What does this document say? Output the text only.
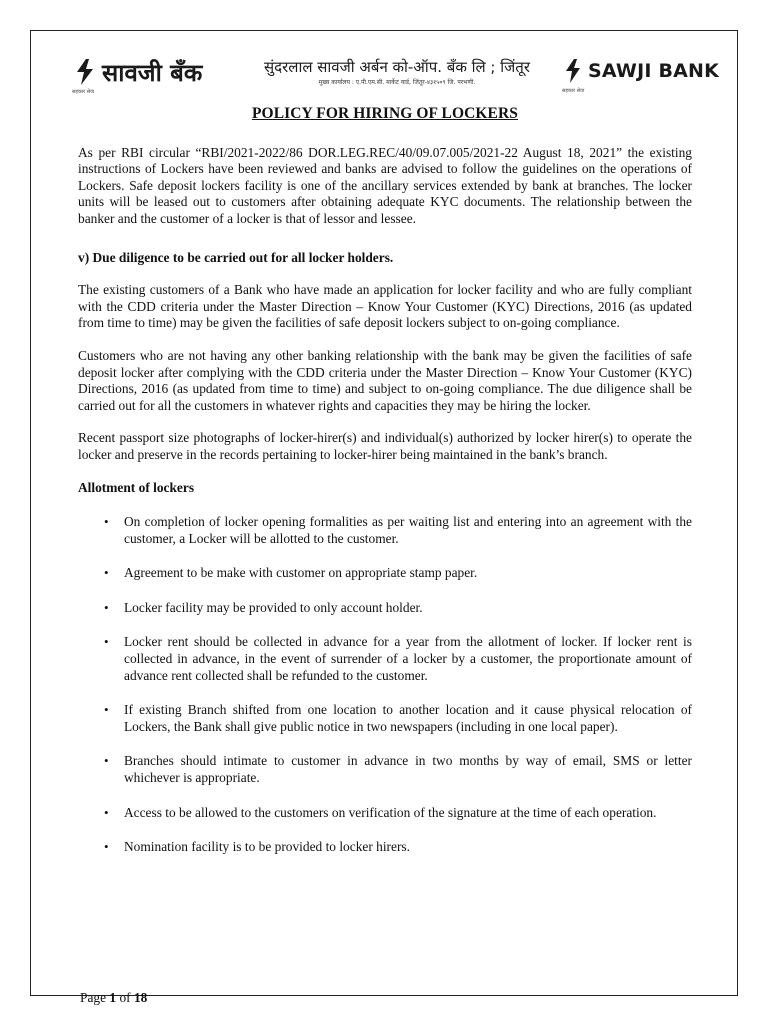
सावजी बँक
सहकार सेवा
सुंदरलाल सावजी अर्बन को-ऑप. बँक लि ; जिंतूर
मुख्य कार्यालय : ए.पी.एम.सी. मार्केट यार्ड, जिंतूर-४३१५०९ जि. परभणी.
SAWJI BANK
सहकार सेवा
POLICY FOR HIRING OF LOCKERS

As per RBI circular “RBI/2021-2022/86 DOR.LEG.REC/40/09.07.005/2021-22 August 18, 2021” the existing instructions of Lockers have been reviewed and banks are advised to follow the guidelines on the operations of Lockers. Safe deposit lockers facility is one of the ancillary services extended by bank at branches. The locker units will be leased out to customers after obtaining adequate KYC documents. The relationship between the banker and the customer of a locker is that of lessor and lessee.

v) Due diligence to be carried out for all locker holders.

The existing customers of a Bank who have made an application for locker facility and who are fully compliant with the CDD criteria under the Master Direction – Know Your Customer (KYC) Directions, 2016 (as updated from time to time) may be given the facilities of safe deposit lockers subject to on-going compliance.

Customers who are not having any other banking relationship with the bank may be given the facilities of safe deposit locker after complying with the CDD criteria under the Master Direction – Know Your Customer (KYC) Directions, 2016 (as updated from time to time) and subject to on-going compliance. The due diligence shall be carried out for all the customers in whatever rights and capacities they may be hiring the locker.

Recent passport size photographs of locker-hirer(s) and individual(s) authorized by locker hirer(s) to operate the locker and preserve in the records pertaining to locker-hirer being maintained in the bank’s branch.

Allotment of lockers

• On completion of locker opening formalities as per waiting list and entering into an agreement with the customer, a Locker will be allotted to the customer.
• Agreement to be make with customer on appropriate stamp paper.
• Locker facility may be provided to only account holder.
• Locker rent should be collected in advance for a year from the allotment of locker. If locker rent is collected in advance, in the event of surrender of a locker by a customer, the proportionate amount of advance rent collected shall be refunded to the customer.
• If existing Branch shifted from one location to another location and it cause physical relocation of Lockers, the Bank shall give public notice in two newspapers (including in one local paper).
• Branches should intimate to customer in advance in two months by way of email, SMS or letter whichever is appropriate.
• Access to be allowed to the customers on verification of the signature at the time of each operation.
• Nomination facility is to be provided to locker hirers.
Page 1 of 18
